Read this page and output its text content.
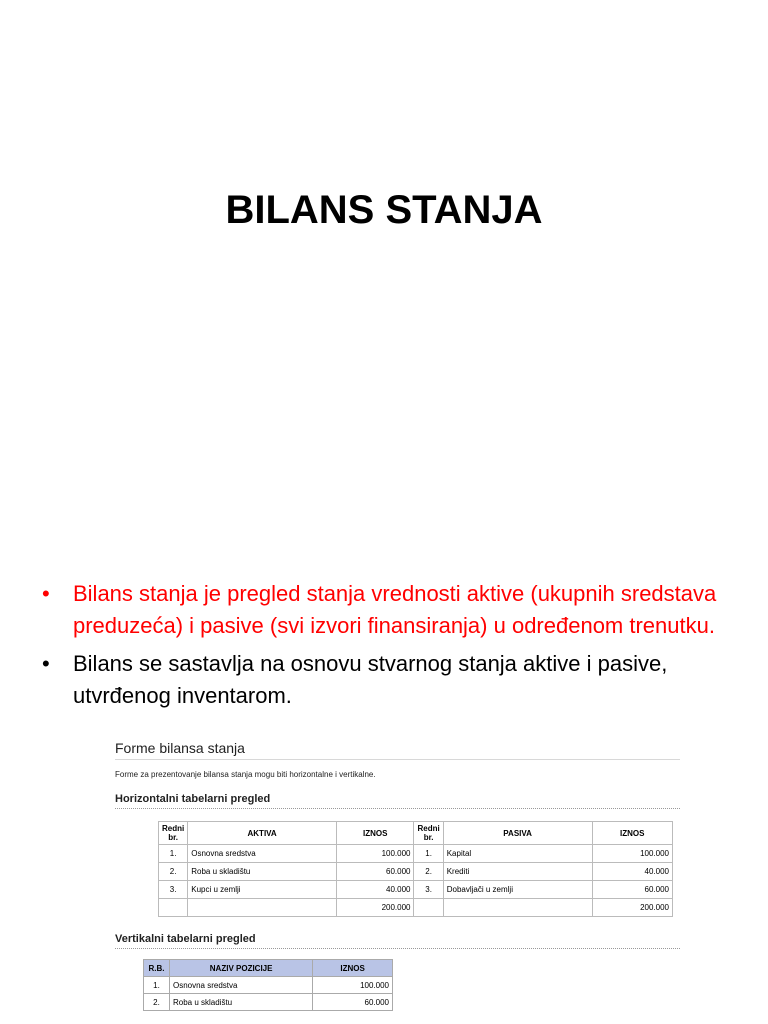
BILANS STANJA
• Bilans stanja je pregled stanja vrednosti aktive (ukupnih sredstava preduzeća) i pasive (svi izvori finansiranja) u određenom trenutku.
• Bilans se sastavlja na osnovu stvarnog stanja aktive i pasive, utvrđenog inventarom.
Forme bilansa stanja
Forme za prezentovanje bilansa stanja mogu biti horizontalne i vertikalne.
Horizontalni tabelarni pregled
Redni br.	AKTIVA	IZNOS	Redni br.	PASIVA	IZNOS
1.	Osnovna sredstva	100.000	1.	Kapital	100.000
2.	Roba u skladištu	60.000	2.	Krediti	40.000
3.	Kupci u zemlji	40.000	3.	Dobavljači u zemlji	60.000
		200.000			200.000
Vertikalni tabelarni pregled
R.B.	NAZIV POZICIJE	IZNOS
1.	Osnovna sredstva	100.000
2.	Roba u skladištu	60.000
